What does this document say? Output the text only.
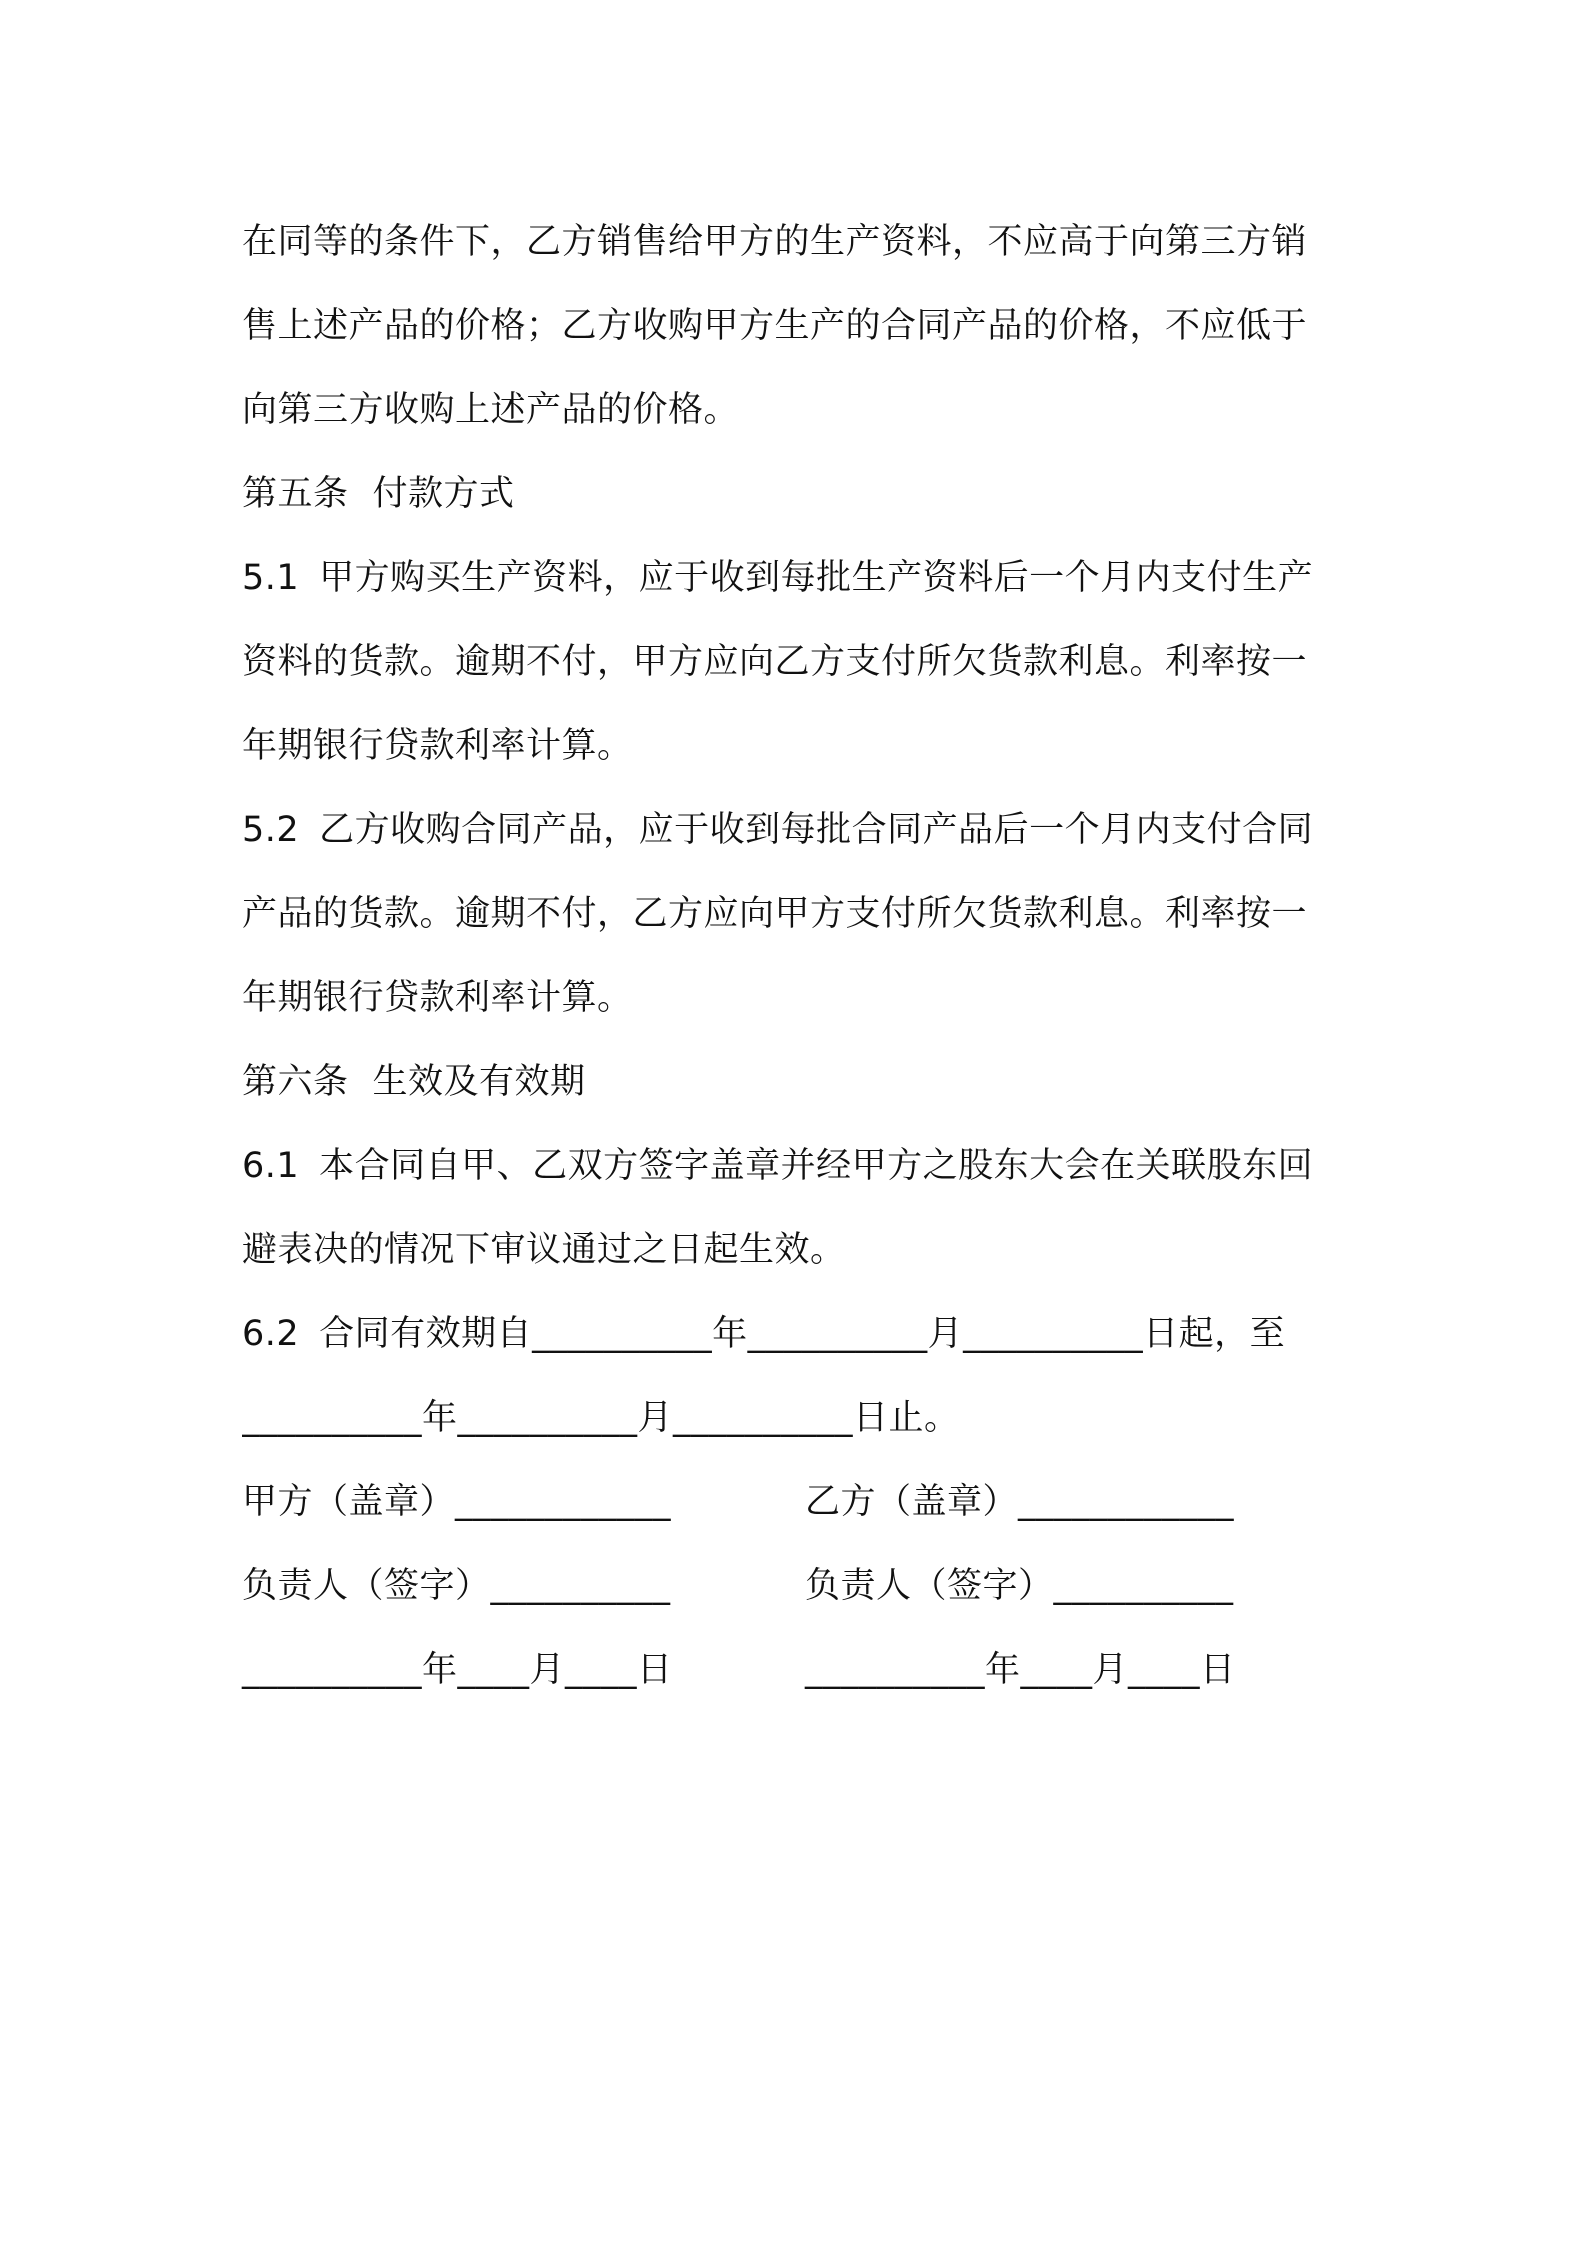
在同等的条件下，乙方销售给甲方的生产资料，不应高于向第三方销
售上述产品的价格；乙方收购甲方生产的合同产品的价格，不应低于
向第三方收购上述产品的价格。
第五条 付款方式
5.1 甲方购买生产资料，应于收到每批生产资料后一个月内支付生产
资料的货款。逾期不付，甲方应向乙方支付所欠货款利息。利率按一
年期银行贷款利率计算。
5.2 乙方收购合同产品，应于收到每批合同产品后一个月内支付合同
产品的货款。逾期不付，乙方应向甲方支付所欠货款利息。利率按一
年期银行贷款利率计算。
第六条 生效及有效期
6.1 本合同自甲、乙双方签字盖章并经甲方之股东大会在关联股东回
避表决的情况下审议通过之日起生效。
6.2 合同有效期自__________年__________月__________日起，至
__________年__________月__________日止。
甲方（盖章）____________	乙方（盖章）____________
负责人（签字）__________	负责人（签字）__________
__________年____月____日	__________年____月____日
